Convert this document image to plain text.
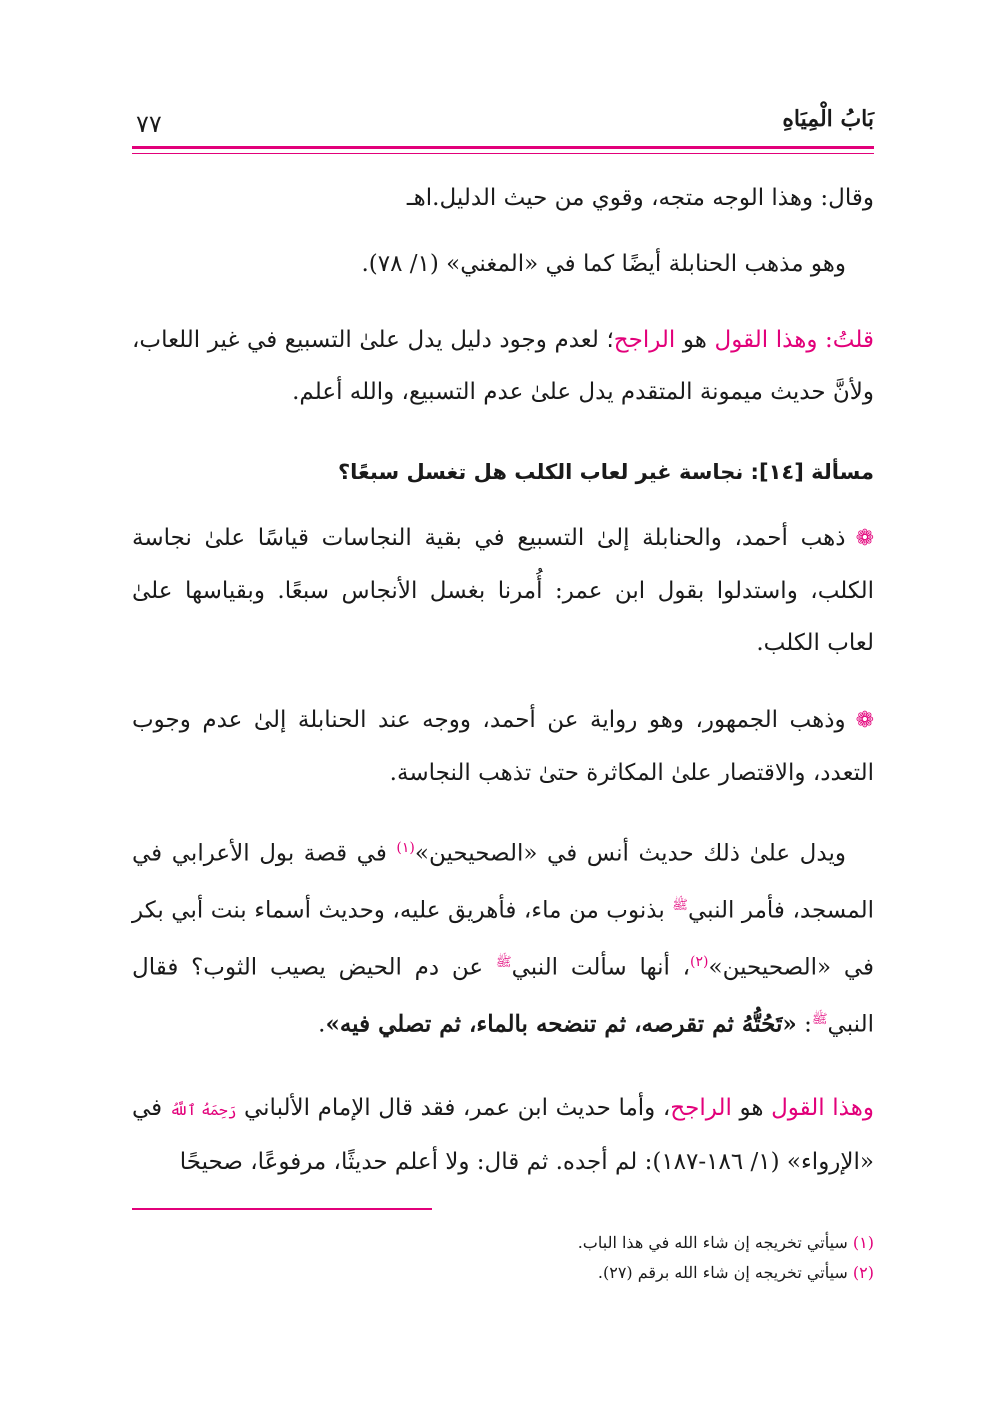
بَابُ الْمِيَاهِ
٧٧
وقال: وهذا الوجه متجه، وقوي من حيث الدليل.اهـ
وهو مذهب الحنابلة أيضًا كما في «المغني» (١/ ٧٨).
قلتُ: وهذا القول هو الراجح؛ لعدم وجود دليل يدل علىٰ التسبيع في غير اللعاب، ولأنَّ حديث ميمونة المتقدم يدل علىٰ عدم التسبيع، والله أعلم.
مسألة [١٤]: نجاسة غير لعاب الكلب هل تغسل سبعًا؟
❁ذهب أحمد، والحنابلة إلىٰ التسبيع في بقية النجاسات قياسًا علىٰ نجاسة الكلب، واستدلوا بقول ابن عمر: أُمرنا بغسل الأنجاس سبعًا. وبقياسها علىٰ لعاب الكلب.
❁وذهب الجمهور، وهو رواية عن أحمد، ووجه عند الحنابلة إلىٰ عدم وجوب التعدد، والاقتصار علىٰ المكاثرة حتىٰ تذهب النجاسة.
ويدل علىٰ ذلك حديث أنس في «الصحيحين»$^{(١)}$ في قصة بول الأعرابي في المسجد، فأمر النبي$^ﷺ$ بذنوب من ماء، فأهريق عليه، وحديث أسماء بنت أبي بكر في «الصحيحين»$^{(٢)}$، أنها سألت النبي$^ﷺ$ عن دم الحيض يصيب الثوب؟ فقال النبي$^ﷺ$: «تَحُتُّهُ ثم تقرصه، ثم تنضحه بالماء، ثم تصلي فيه».
وهذا القول هو الراجح، وأما حديث ابن عمر، فقد قال الإمام الألباني رَحِمَهُ ٱللَّهُ في «الإرواء» (١/ ١٨٦-١٨٧): لم أجده. ثم قال: ولا أعلم حديثًا، مرفوعًا، صحيحًا
(١) سيأتي تخريجه إن شاء الله في هذا الباب.
(٢) سيأتي تخريجه إن شاء الله برقم (٢٧).
